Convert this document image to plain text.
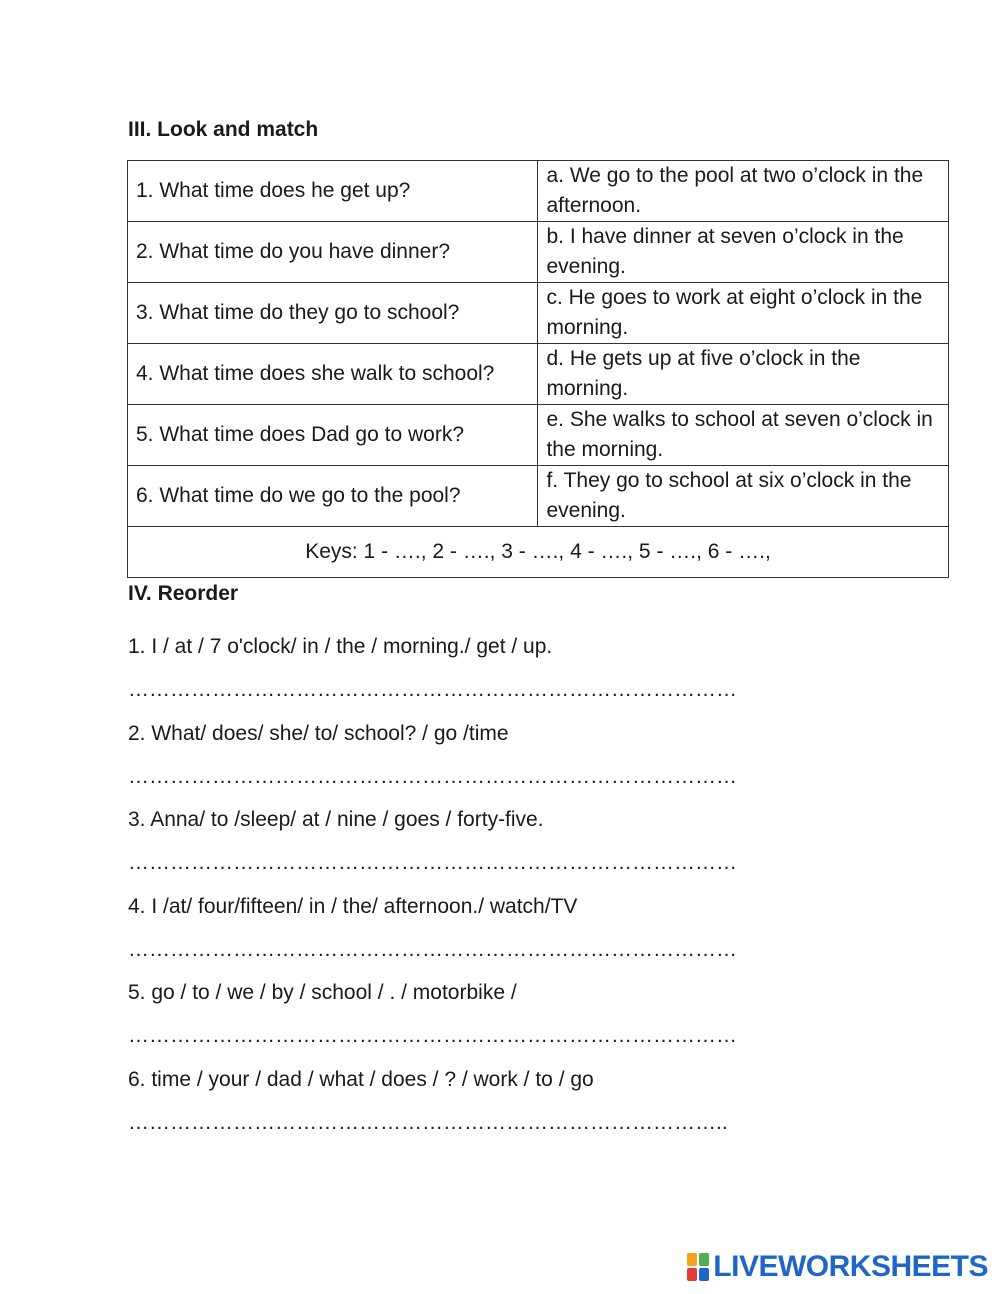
III. Look and match
1. What time does he get up?	a. We go to the pool at two o’clock in the afternoon.
2. What time do you have dinner?	b. I have dinner at seven o’clock in the evening.
3. What time do they go to school?	c. He goes to work at eight o’clock in the morning.
4. What time does she walk to school?	d. He gets up at five o’clock in the morning.
5. What time does Dad go to work?	e. She walks to school at seven o’clock in the morning.
6. What time do we go to the pool?	f. They go to school at six o’clock in the evening.
Keys: 1 - …., 2 - …., 3 - …., 4 - …., 5 - …., 6 - ….,	
IV. Reorder
1. I / at / 7 o'clock/ in / the / morning./ get / up.
……………………………………………………………………………
2. What/ does/ she/ to/ school? / go /time
……………………………………………………………………………
3. Anna/ to /sleep/ at / nine / goes / forty-five.
……………………………………………………………………………
4. I /at/ four/fifteen/ in / the/ afternoon./ watch/TV
……………………………………………………………………………
5. go / to / we / by / school / . / motorbike /
……………………………………………………………………………
6. time / your / dad / what / does / ? / work / to / go
…………………………………………………………………………..
LIVEWORKSHEETS
